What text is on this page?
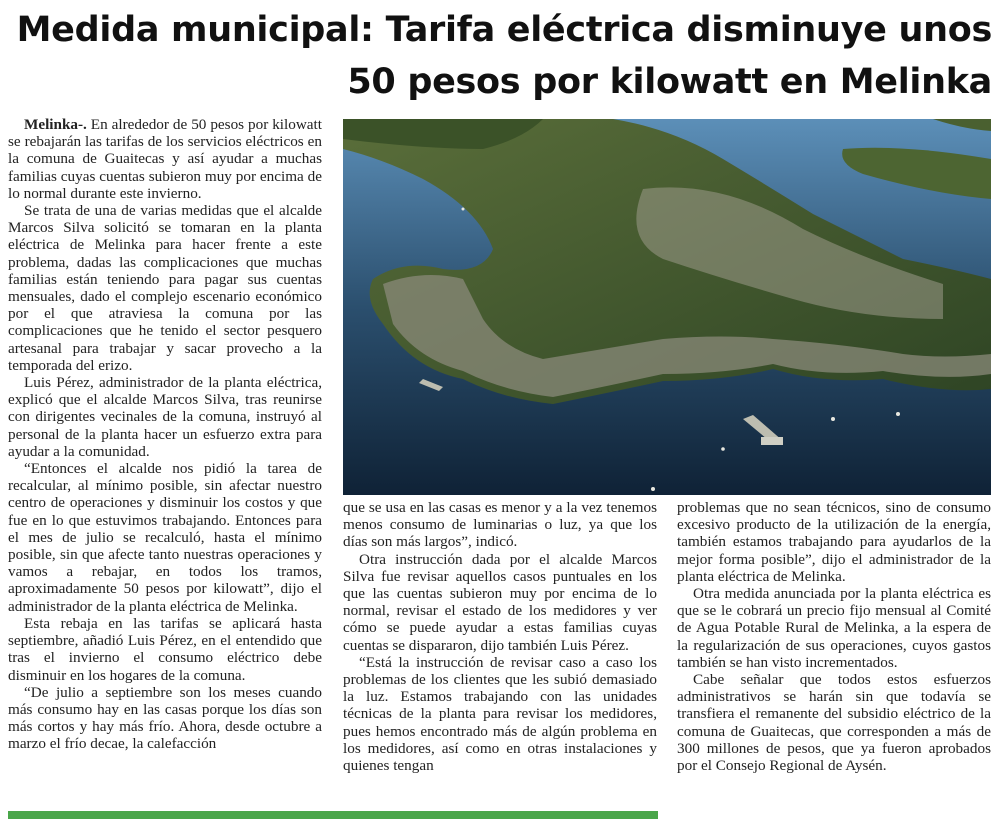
Medida municipal: Tarifa eléctrica disminuye unos
50 pesos por kilowatt en Melinka

Melinka-. En alrededor de 50 pesos por kilowatt se rebajarán las tarifas de los servicios eléctricos en la comuna de Guaitecas y así ayudar a muchas familias cuyas cuentas subieron muy por encima de lo normal durante este invierno.

Se trata de una de varias medidas que el alcalde Marcos Silva solicitó se tomaran en la planta eléctrica de Melinka para hacer frente a este problema, dadas las complicaciones que muchas familias están teniendo para pagar sus cuentas mensuales, dado el complejo escenario económico por el que atraviesa la comuna por las complicaciones que he tenido el sector pesquero artesanal para trabajar y sacar provecho a la temporada del erizo.

Luis Pérez, administrador de la planta eléctrica, explicó que el alcalde Marcos Silva, tras reunirse con dirigentes vecinales de la comuna, instruyó al personal de la planta hacer un esfuerzo extra para ayudar a la comunidad.

“Entonces el alcalde nos pidió la tarea de recalcular, al mínimo posible, sin afectar nuestro centro de operaciones y disminuir los costos y que fue en lo que estuvimos trabajando. Entonces para el mes de julio se recalculó, hasta el mínimo posible, sin que afecte tanto nuestras operaciones y vamos a rebajar, en todos los tramos, aproximadamente 50 pesos por kilowatt”, dijo el administrador de la planta eléctrica de Melinka.

Esta rebaja en las tarifas se aplicará hasta septiembre, añadió Luis Pérez, en el entendido que tras el invierno el consumo eléctrico debe disminuir en los hogares de la comuna.

“De julio a septiembre son los meses cuando más consumo hay en las casas porque los días son más cortos y hay más frío. Ahora, desde octubre a marzo el frío decae, la calefacción

que se usa en las casas es menor y a la vez tenemos menos consumo de luminarias o luz, ya que los días son más largos”, indicó.

Otra instrucción dada por el alcalde Marcos Silva fue revisar aquellos casos puntuales en los que las cuentas subieron muy por encima de lo normal, revisar el estado de los medidores y ver cómo se puede ayudar a estas familias cuyas cuentas se dispararon, dijo también Luis Pérez.

“Está la instrucción de revisar caso a caso los problemas de los clientes que les subió demasiado la luz. Estamos trabajando con las unidades técnicas de la planta para revisar los medidores, pues hemos encontrado más de algún problema en los medidores, así como en otras instalaciones y quienes tengan

problemas que no sean técnicos, sino de consumo excesivo producto de la utilización de la energía, también estamos trabajando para ayudarlos de la mejor forma posible”, dijo el administrador de la planta eléctrica de Melinka.

Otra medida anunciada por la planta eléctrica es que se le cobrará un precio fijo mensual al Comité de Agua Potable Rural de Melinka, a la espera de la regularización de sus operaciones, cuyos gastos también se han visto incrementados.

Cabe señalar que todos estos esfuerzos administrativos se harán sin que todavía se transfiera el remanente del subsidio eléctrico de la comuna de Guaitecas, que corresponden a más de 300 millones de pesos, que ya fueron aprobados por el Consejo Regional de Aysén.
